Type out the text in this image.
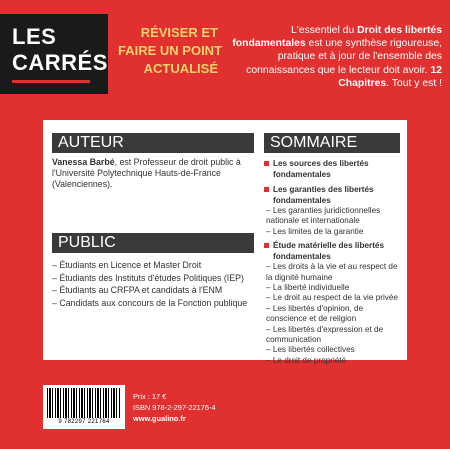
LES
CARRÉS
RÉVISER ET
FAIRE UN POINT
ACTUALISÉ
L'essentiel du Droit des libertés fondamentales est une synthèse rigoureuse, pratique et à jour de l'ensemble des connaissances que le lecteur doit avoir. 12 Chapitres. Tout y est !
AUTEUR
Vanessa Barbé, est Professeur de droit public à l'Université Polytechnique Hauts-de-France (Valenciennes).
PUBLIC
– Étudiants en Licence et Master Droit
– Étudiants des Instituts d'études Politiques (IEP)
– Étudiants au CRFPA et candidats à l'ENM
– Candidats aux concours de la Fonction publique
SOMMAIRE
Les sources des libertés fondamentales
Les garanties des libertés fondamentales
– Les garanties juridictionnelles nationale et internationale
– Les limites de la garantie
Étude matérielle des libertés fondamentales
– Les droits à la vie et au respect de la dignité humaine
– La liberté individuelle
– Le droit au respect de la vie privée
– Les libertés d'opinion, de conscience et de religion
– Les libertés d'expression et de communication
– Les libertés collectives
– Le droit de propriété
9 782297 221764
Prix : 17 €
ISBN 978-2-297-22176-4
www.gualino.fr
